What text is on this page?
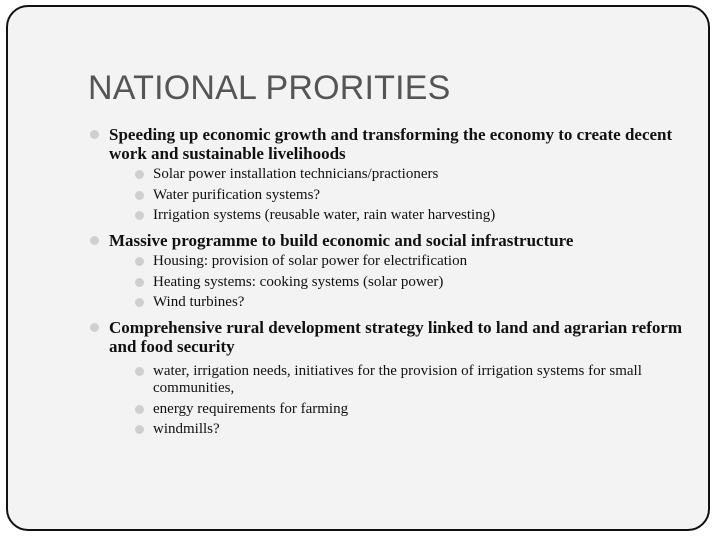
NATIONAL PRORITIES
Speeding up economic growth and transforming the economy to create decent work and sustainable livelihoods
Solar power installation technicians/practioners
Water purification systems?
Irrigation systems (reusable water, rain water harvesting)
Massive programme to build economic and social infrastructure
Housing: provision of solar power for electrification
Heating systems: cooking systems (solar power)
Wind turbines?
Comprehensive rural development strategy linked to land and agrarian reform and food security
water, irrigation needs, initiatives for the provision of irrigation systems for small communities,
energy requirements for farming
windmills?
